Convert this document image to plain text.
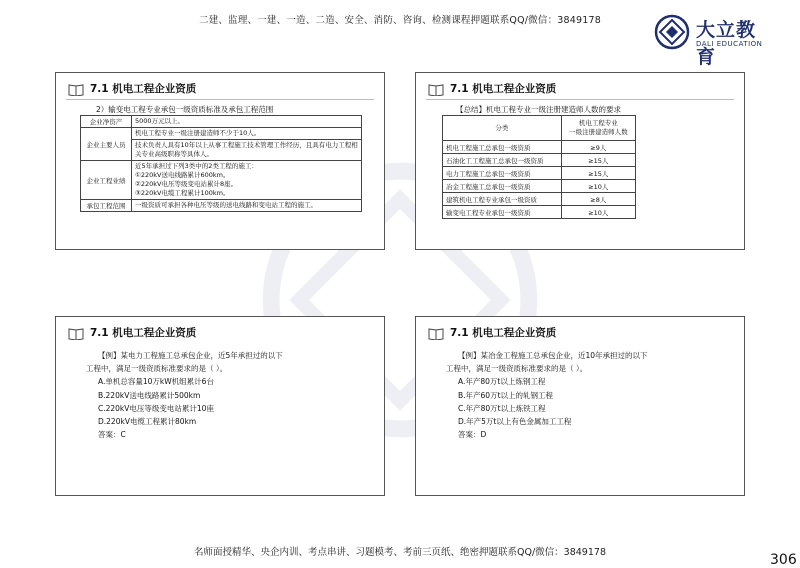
二建、监理、一建、一造、二造、安全、消防、咨询、检测课程押题联系QQ/微信：3849178	大立教育
DALI EDUCATION
7.1 机电工程企业资质
2）输变电工程专业承包一级资质标准及承包工程范围
企业净资产	5000万元以上。
企业主要人员	机电工程专业一级注册建造师不少于10人。
	技术负责人具有10年以上从事工程施工技术管理工作经历，且具有电力工程相关专业高级职称等具体人。
企业工程业绩	近5年承担过下列3类中的2类工程的施工：
①220kV送电线路累计600km。
②220kV电压等级变电站累计8座。
③220kV电缆工程累计100km。

承包工程范围	一级资质可承担各种电压等级的送电线路和变电站工程的施工。
7.1 机电工程企业资质
【总结】机电工程专业一级注册建造师人数的要求
分类	机电工程专业
一级注册建造师人数

机电工程施工总承包一级资质	≥9人
石油化工工程施工总承包一级资质	≥15人
电力工程施工总承包一级资质	≥15人
冶金工程施工总承包一级资质	≥10人
建筑机电工程专业承包一级资质	≥8人
输变电工程专业承包一级资质	≥10人
7.1 机电工程企业资质
【例】某电力工程施工总承包企业，近5年承担过的以下
工程中，满足一级资质标准要求的是（ ）。
A.单机总容量10万kW机组累计6台
B.220kV送电线路累计500km
C.220kV电压等级变电站累计10座
D.220kV电缆工程累计80km
答案：C
7.1 机电工程企业资质
【例】某冶金工程施工总承包企业，近10年承担过的以下
工程中，满足一级资质标准要求的是（ ）。
A.年产80万t以上炼钢工程
B.年产60万t以上的轧钢工程
C.年产80万t以上炼铁工程
D.年产5万t以上有色金属加工工程
答案：D
名师面授精华、央企内训、考点串讲、习题模考、考前三页纸、绝密押题联系QQ/微信：3849178	306
